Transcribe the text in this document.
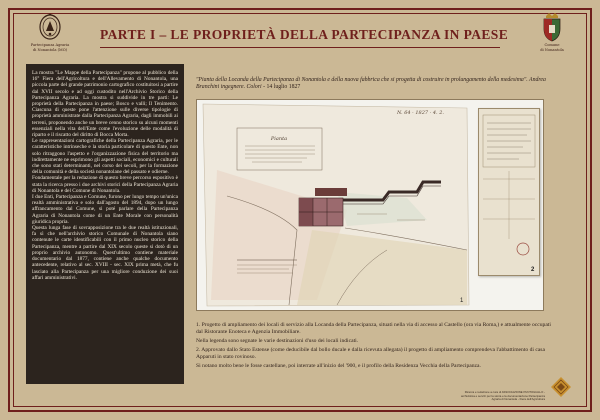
Partecipanza Agraria
di Nonantola (MO)
Comune
di Nonantola
PARTE I – LE PROPRIETÀ DELLA PARTECIPANZA IN PAESE

La mostra "Le Mappe della Partecipanza" propone al pubblico della 16° Fiera dell'Agricoltura e dell'Allevamento di Nonantola, una piccola parte del grande patrimonio cartografico costituitosi a partire dal XVII secolo e ad oggi custodito nell'Archivio Storico della Partecipanza Agraria. La mostra si suddivide in tre parti: Le proprietà della Partecipanza in paese; Bosco e valli; Il Tenimento. Ciascuna di queste pone l'attenzione sulle diverse tipologie di proprietà amministrate dalla Partecipanza Agraria, dagli immobili ai terreni, proponendo anche un breve cenno storico su alcuni momenti essenziali nella vita dell'Ente come l'evoluzione delle modalità di riparto e il riscatto del diritto di Bocca Morta.

Le rappresentazioni cartografiche della Partecipanza Agraria, per le caratteristiche intrinseche e la storia particolare di questo Ente, non solo ritraggono l'aspetto e l'organizzazione fisica del territorio ma indirettamente ne esprimono gli aspetti sociali, economici e culturali che sono stati determinanti, nel corso dei secoli, per la formazione della comunità e della società nonantolane del passato e odierne.

Fondamentale per la redazione di questo breve percorso espositivo è stata la ricerca presso i due archivi storici della Partecipanza Agraria di Nonantola e del Comune di Nonantola.

I due Enti, Partecipanza e Comune, furono per lungo tempo un'unica realtà amministrativa e solo dall'agosto del 1894, dopo un lungo affrancamento dal Comune, si poté parlare della Partecipanza Agraria di Nonantola come di un Ente Morale con personalità giuridica propria.

Questa lunga fase di sovrapposizione tra le due realtà istituzionali, fa sì che nell'archivio storico Comunale di Nonantola siano contenute le carte identificabili con il primo nucleo storico della Partecipanza, mentre a partire dal XIX secolo queste si dotò di un proprio archivio autonomo. Quest'ultimo contiene materiale documentario dal 1877, contiene anche qualche documento antecedente, relativo al sec. XVIII - sec. XIX prima metà, che fu lasciato alla Partecipanza per una migliore conduzione dei suoi affari amministrativi.

"Pianta della Locanda della Partecipanza di Nonantola e della nuova fabbrica che si progetta di costruire in prolungamento della medesima". Andrea Branchini ingegnere. Colori - 14 luglio 1827
Pianta
N. 64 · 1827 · 4. 2.
1
2

1. Progetto di ampliamento dei locali di servizio alla Locanda della Partecipanza, situati nella via di accesso al Castello (ora via Roma,) e attualmente occupati dal Ristorante Enoteca e Agenzia Immobiliare.

Nella legenda sono segnate le varie destinazioni d'uso dei locali indicati.

2. Approvato dallo Stato Estense (come deducibile dal bollo ducale e dalla ricevuta allegata) il progetto di ampliamento comprendeva l'abbattimento di casa Apparuti in stato rovinoso.

Si notano molto bene le fosse castellane, poi interrate all'inizio del '900, e il profilo della Residenza Vecchia della Partecipanza.

Ricerca e redazione a cura di ASSOCIAZIONE PUNTOGIALLO - archivistica e servizi per la storia e la documentazione Partecipanza Agraria di Nonantola - Fiera dell'Agricoltura
